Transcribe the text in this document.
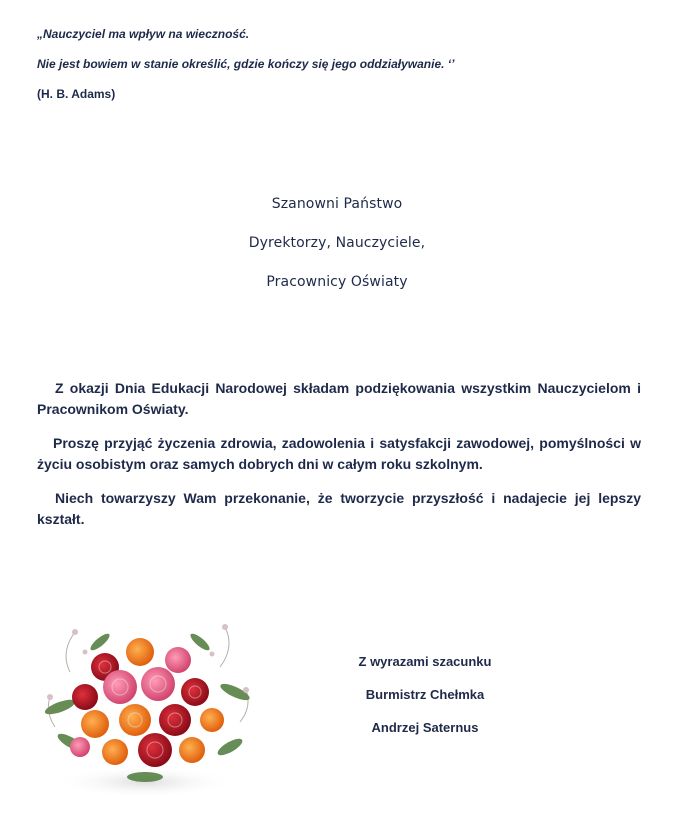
„Nauczyciel ma wpływ na wieczność.

Nie jest bowiem w stanie określić, gdzie kończy się jego oddziaływanie. ‘’

(H. B. Adams)

Szanowni Państwo

Dyrektorzy, Nauczyciele,

Pracownicy Oświaty

Z okazji Dnia Edukacji Narodowej składam podziękowania wszystkim Nauczycielom i Pracownikom Oświaty.

Proszę przyjąć życzenia zdrowia, zadowolenia i satysfakcji zawodowej, pomyślności w życiu osobistym oraz samych dobrych dni w całym roku szkolnym.

Niech towarzyszy Wam przekonanie, że tworzycie przyszłość i nadajecie jej lepszy kształt.

Z wyrazami szacunku

Burmistrz Chełmka

Andrzej Saternus
